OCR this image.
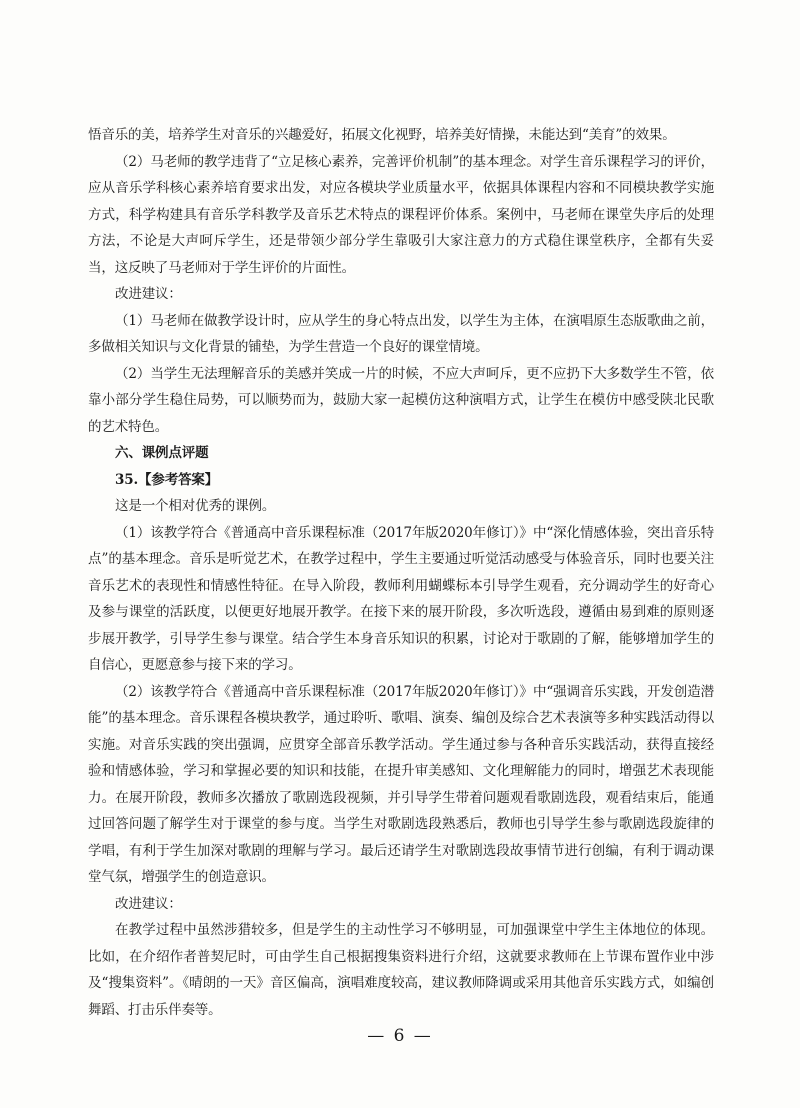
悟音乐的美，培养学生对音乐的兴趣爱好，拓展文化视野，培养美好情操，未能达到“美育”的效果。

（2）马老师的教学违背了“立足核心素养，完善评价机制”的基本理念。对学生音乐课程学习的评价，应从音乐学科核心素养培育要求出发，对应各模块学业质量水平，依据具体课程内容和不同模块教学实施方式，科学构建具有音乐学科教学及音乐艺术特点的课程评价体系。案例中，马老师在课堂失序后的处理方法，不论是大声呵斥学生，还是带领少部分学生靠吸引大家注意力的方式稳住课堂秩序，全都有失妥当，这反映了马老师对于学生评价的片面性。

改进建议：

（1）马老师在做教学设计时，应从学生的身心特点出发，以学生为主体，在演唱原生态版歌曲之前，多做相关知识与文化背景的铺垫，为学生营造一个良好的课堂情境。

（2）当学生无法理解音乐的美感并笑成一片的时候，不应大声呵斥，更不应扔下大多数学生不管，依靠小部分学生稳住局势，可以顺势而为，鼓励大家一起模仿这种演唱方式，让学生在模仿中感受陕北民歌的艺术特色。

六、课例点评题

35.【参考答案】

这是一个相对优秀的课例。

（1）该教学符合《普通高中音乐课程标准（2017年版2020年修订）》中“深化情感体验，突出音乐特点”的基本理念。音乐是听觉艺术，在教学过程中，学生主要通过听觉活动感受与体验音乐，同时也要关注音乐艺术的表现性和情感性特征。在导入阶段，教师利用蝴蝶标本引导学生观看，充分调动学生的好奇心及参与课堂的活跃度，以便更好地展开教学。在接下来的展开阶段，多次听选段，遵循由易到难的原则逐步展开教学，引导学生参与课堂。结合学生本身音乐知识的积累，讨论对于歌剧的了解，能够增加学生的自信心，更愿意参与接下来的学习。

（2）该教学符合《普通高中音乐课程标准（2017年版2020年修订）》中“强调音乐实践，开发创造潜能”的基本理念。音乐课程各模块教学，通过聆听、歌唱、演奏、编创及综合艺术表演等多种实践活动得以实施。对音乐实践的突出强调，应贯穿全部音乐教学活动。学生通过参与各种音乐实践活动，获得直接经验和情感体验，学习和掌握必要的知识和技能，在提升审美感知、文化理解能力的同时，增强艺术表现能力。在展开阶段，教师多次播放了歌剧选段视频，并引导学生带着问题观看歌剧选段，观看结束后，能通过回答问题了解学生对于课堂的参与度。当学生对歌剧选段熟悉后，教师也引导学生参与歌剧选段旋律的学唱，有利于学生加深对歌剧的理解与学习。最后还请学生对歌剧选段故事情节进行创编，有利于调动课堂气氛，增强学生的创造意识。

改进建议：

在教学过程中虽然涉猎较多，但是学生的主动性学习不够明显，可加强课堂中学生主体地位的体现。比如，在介绍作者普契尼时，可由学生自己根据搜集资料进行介绍，这就要求教师在上节课布置作业中涉及“搜集资料”。《晴朗的一天》音区偏高，演唱难度较高，建议教师降调或采用其他音乐实践方式，如编创舞蹈、打击乐伴奏等。

— 6 —
